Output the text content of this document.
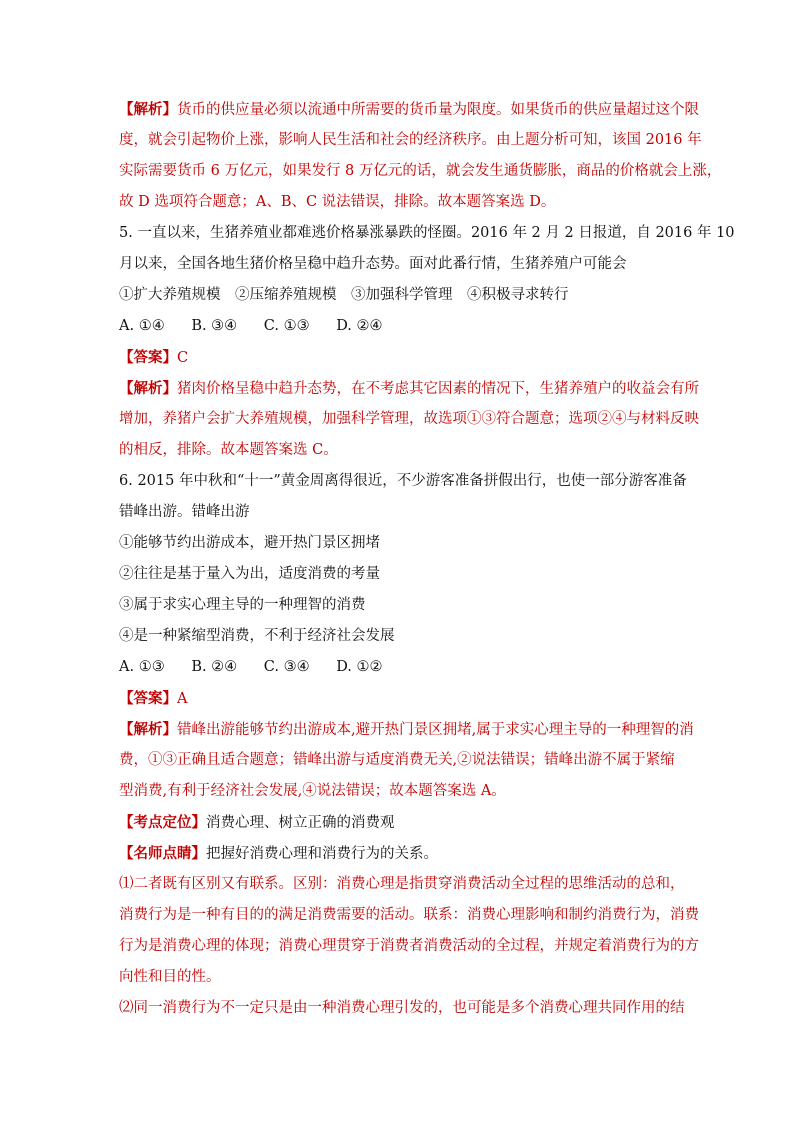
【解析】货币的供应量必须以流通中所需要的货币量为限度。如果货币的供应量超过这个限
度，就会引起物价上涨，影响人民生活和社会的经济秩序。由上题分析可知，该国 2016 年
实际需要货币 6 万亿元，如果发行 8 万亿元的话，就会发生通货膨胀，商品的价格就会上涨，
故 D 选项符合题意；A、B、C 说法错误，排除。故本题答案选 D。
5. 一直以来，生猪养殖业都难逃价格暴涨暴跌的怪圈。2016 年 2 月 2 日报道，自 2016 年 10
月以来，全国各地生猪价格呈稳中趋升态势。面对此番行情，生猪养殖户可能会
①扩大养殖规模　②压缩养殖规模　③加强科学管理　④积极寻求转行
A. ①④ B. ③④ C. ①③ D. ②④
【答案】C
【解析】猪肉价格呈稳中趋升态势，在不考虑其它因素的情况下，生猪养殖户的收益会有所
增加，养猪户会扩大养殖规模，加强科学管理，故选项①③符合题意；选项②④与材料反映
的相反，排除。故本题答案选 C。
6. 2015 年中秋和“十一”黄金周离得很近，不少游客准备拼假出行，也使一部分游客准备
错峰出游。错峰出游
①能够节约出游成本，避开热门景区拥堵
②往往是基于量入为出，适度消费的考量
③属于求实心理主导的一种理智的消费
④是一种紧缩型消费，不利于经济社会发展
A. ①③ B. ②④ C. ③④ D. ①②
【答案】A
【解析】错峰出游能够节约出游成本,避开热门景区拥堵,属于求实心理主导的一种理智的消
费，①③正确且适合题意；错峰出游与适度消费无关,②说法错误；错峰出游不属于紧缩
型消费,有利于经济社会发展,④说法错误；故本题答案选 A。
【考点定位】消费心理、树立正确的消费观
【名师点睛】把握好消费心理和消费行为的关系。
⑴二者既有区别又有联系。区别：消费心理是指贯穿消费活动全过程的思维活动的总和，
消费行为是一种有目的的满足消费需要的活动。联系：消费心理影响和制约消费行为，消费
行为是消费心理的体现；消费心理贯穿于消费者消费活动的全过程，并规定着消费行为的方
向性和目的性。
⑵同一消费行为不一定只是由一种消费心理引发的，也可能是多个消费心理共同作用的结
